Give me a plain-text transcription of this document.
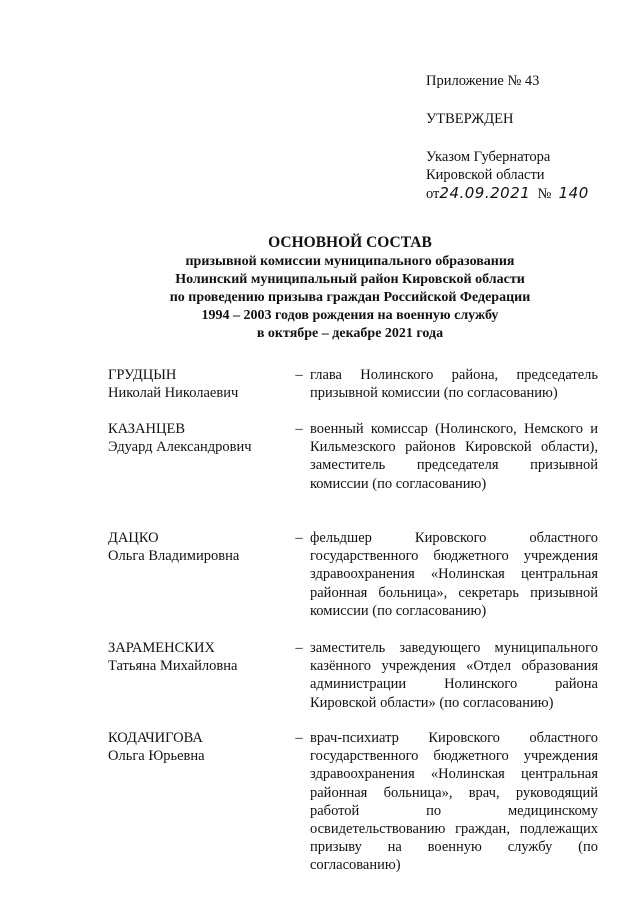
Приложение № 43
УТВЕРЖДЕН
Указом Губернатора
Кировской области
от24.09.2021 № 140
ОСНОВНОЙ СОСТАВ
призывной комиссии муниципального образования
Нолинский муниципальный район Кировской области
по проведению призыва граждан Российской Федерации
1994 – 2003 годов рождения на военную службу
в октябре – декабре 2021 года
ГРУДЦЫН
Николай Николаевич
– глава Нолинского района, председатель призывной комиссии (по согласованию)
КАЗАНЦЕВ
Эдуард Александрович
– военный комиссар (Нолинского, Немского и Кильмезского районов Кировской области), заместитель председателя призывной комиссии (по согласованию)
ДАЦКО
Ольга Владимировна
– фельдшер Кировского областного государственного бюджетного учреждения здравоохранения «Нолинская центральная районная больница», секретарь призывной комиссии (по согласованию)
ЗАРАМЕНСКИХ
Татьяна Михайловна
– заместитель заведующего муниципального казённого учреждения «Отдел образования администрации Нолинского района Кировской области» (по согласованию)
КОДАЧИГОВА
Ольга Юрьевна
– врач-психиатр Кировского областного государственного бюджетного учреждения здравоохранения «Нолинская центральная районная больница», врач, руководящий работой по медицинскому освидетельствованию граждан, подлежащих призыву на военную службу (по согласованию)
